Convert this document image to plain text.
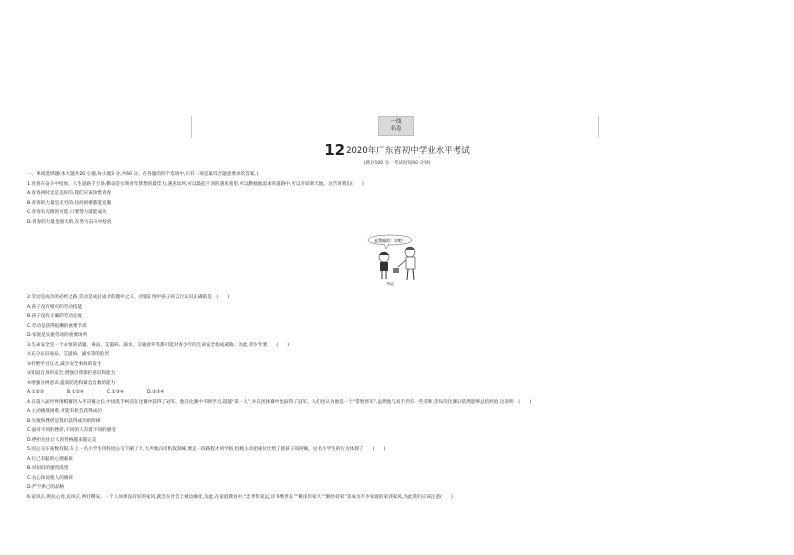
一线
名卷
122020年广东省初中学业水平考试
(满分100 分　考试时间60 分钟)
一、单项选择题(本大题共20 小题,每小题3 分,共60 分。在各题的四个选项中,只有一项是最符合题意要求的答案。)
1.青春在奋斗中绽放。人生道路千万条,勤奋是实现青年梦想的最佳力,遇见坎坷,可以鼓起干劲的遇见希望,可以勤勉地追求的道路中,可以开辟新天地。这告诉我们(　　)
A.青春初时光是美好的,我们应该珍惜青春
B.青春的力量是无穷的,任何困难都能克服
C.青春有无限的可能,只要努力就能成功
D.青春的力量是强大的,在努力奋斗中绽放
2.劳动是成功的必经之路,劳动是成长成才的题中之义。对题2 图中孩子的言行认识正确的是　(　　)
A.孩子没有相应的劳动技能
B.孩子没有正确的劳动态度
C.劳动是获得报酬的重要手段
D.家庭是实施劳动的重要场所
3.生命安全是一个永恒的话题。毒品、艾滋病、溺水、交通意外等都可能对青少年的生命安全构成威胁。为此,青少年要　　(　　)
①充分认识毒品、艾滋病、溺水等的危害
②杜绝学习压力,减少安全事故的发生
③知道自身的安全,增强自我保护意识和能力
④增强分辨意识,提高防范和紧急自救的能力
A.①②③	B.①②④	C.①③④	D.②③④
4.在第八届世界围棋赛进入半决赛之后,中国选手柯洁在比赛中获得了冠军。他在比赛中不断学习,超越“第一人”,并在团体赛中也取得了冠军。人们也认为他是一个“常胜将军”,虽然他与高手仍有一些差距,但每次比赛后依然能够总结经验,这说明　(　　)
A.主动挑战困难,才能有机会获得成功
B.失败和挫折是我们获得成功的阶梯
C.面对不同的挫折,不同的人有着不同的感受
D.挫折往往让人的性格越来越完美
5.因公交车座数有限,车上一名小学生用校园公交卡刷了卡,大声地向司机叔叔喊,要走一段路程才到学校,但她主动把座位让给了抱孩子的阿姨。这名小学生的行为体现了　　(　　)
A.行己有耻的心理素质
B.对知识的强烈渴望
C.关心体谅他人的修养
D.严于律己的品格
6.家风正,则民心淳,民风正,则社稷安。一个人如果没有好的家风,就会在社会上被边缘化,为此,在家庭教育中,“忠孝传家远,诗书继世长”“耕读传家久”“勤俭持家”等成为不少家庭的家训家风,为此我们应该注意(　　)
是我搞的！对吧！
劳动
